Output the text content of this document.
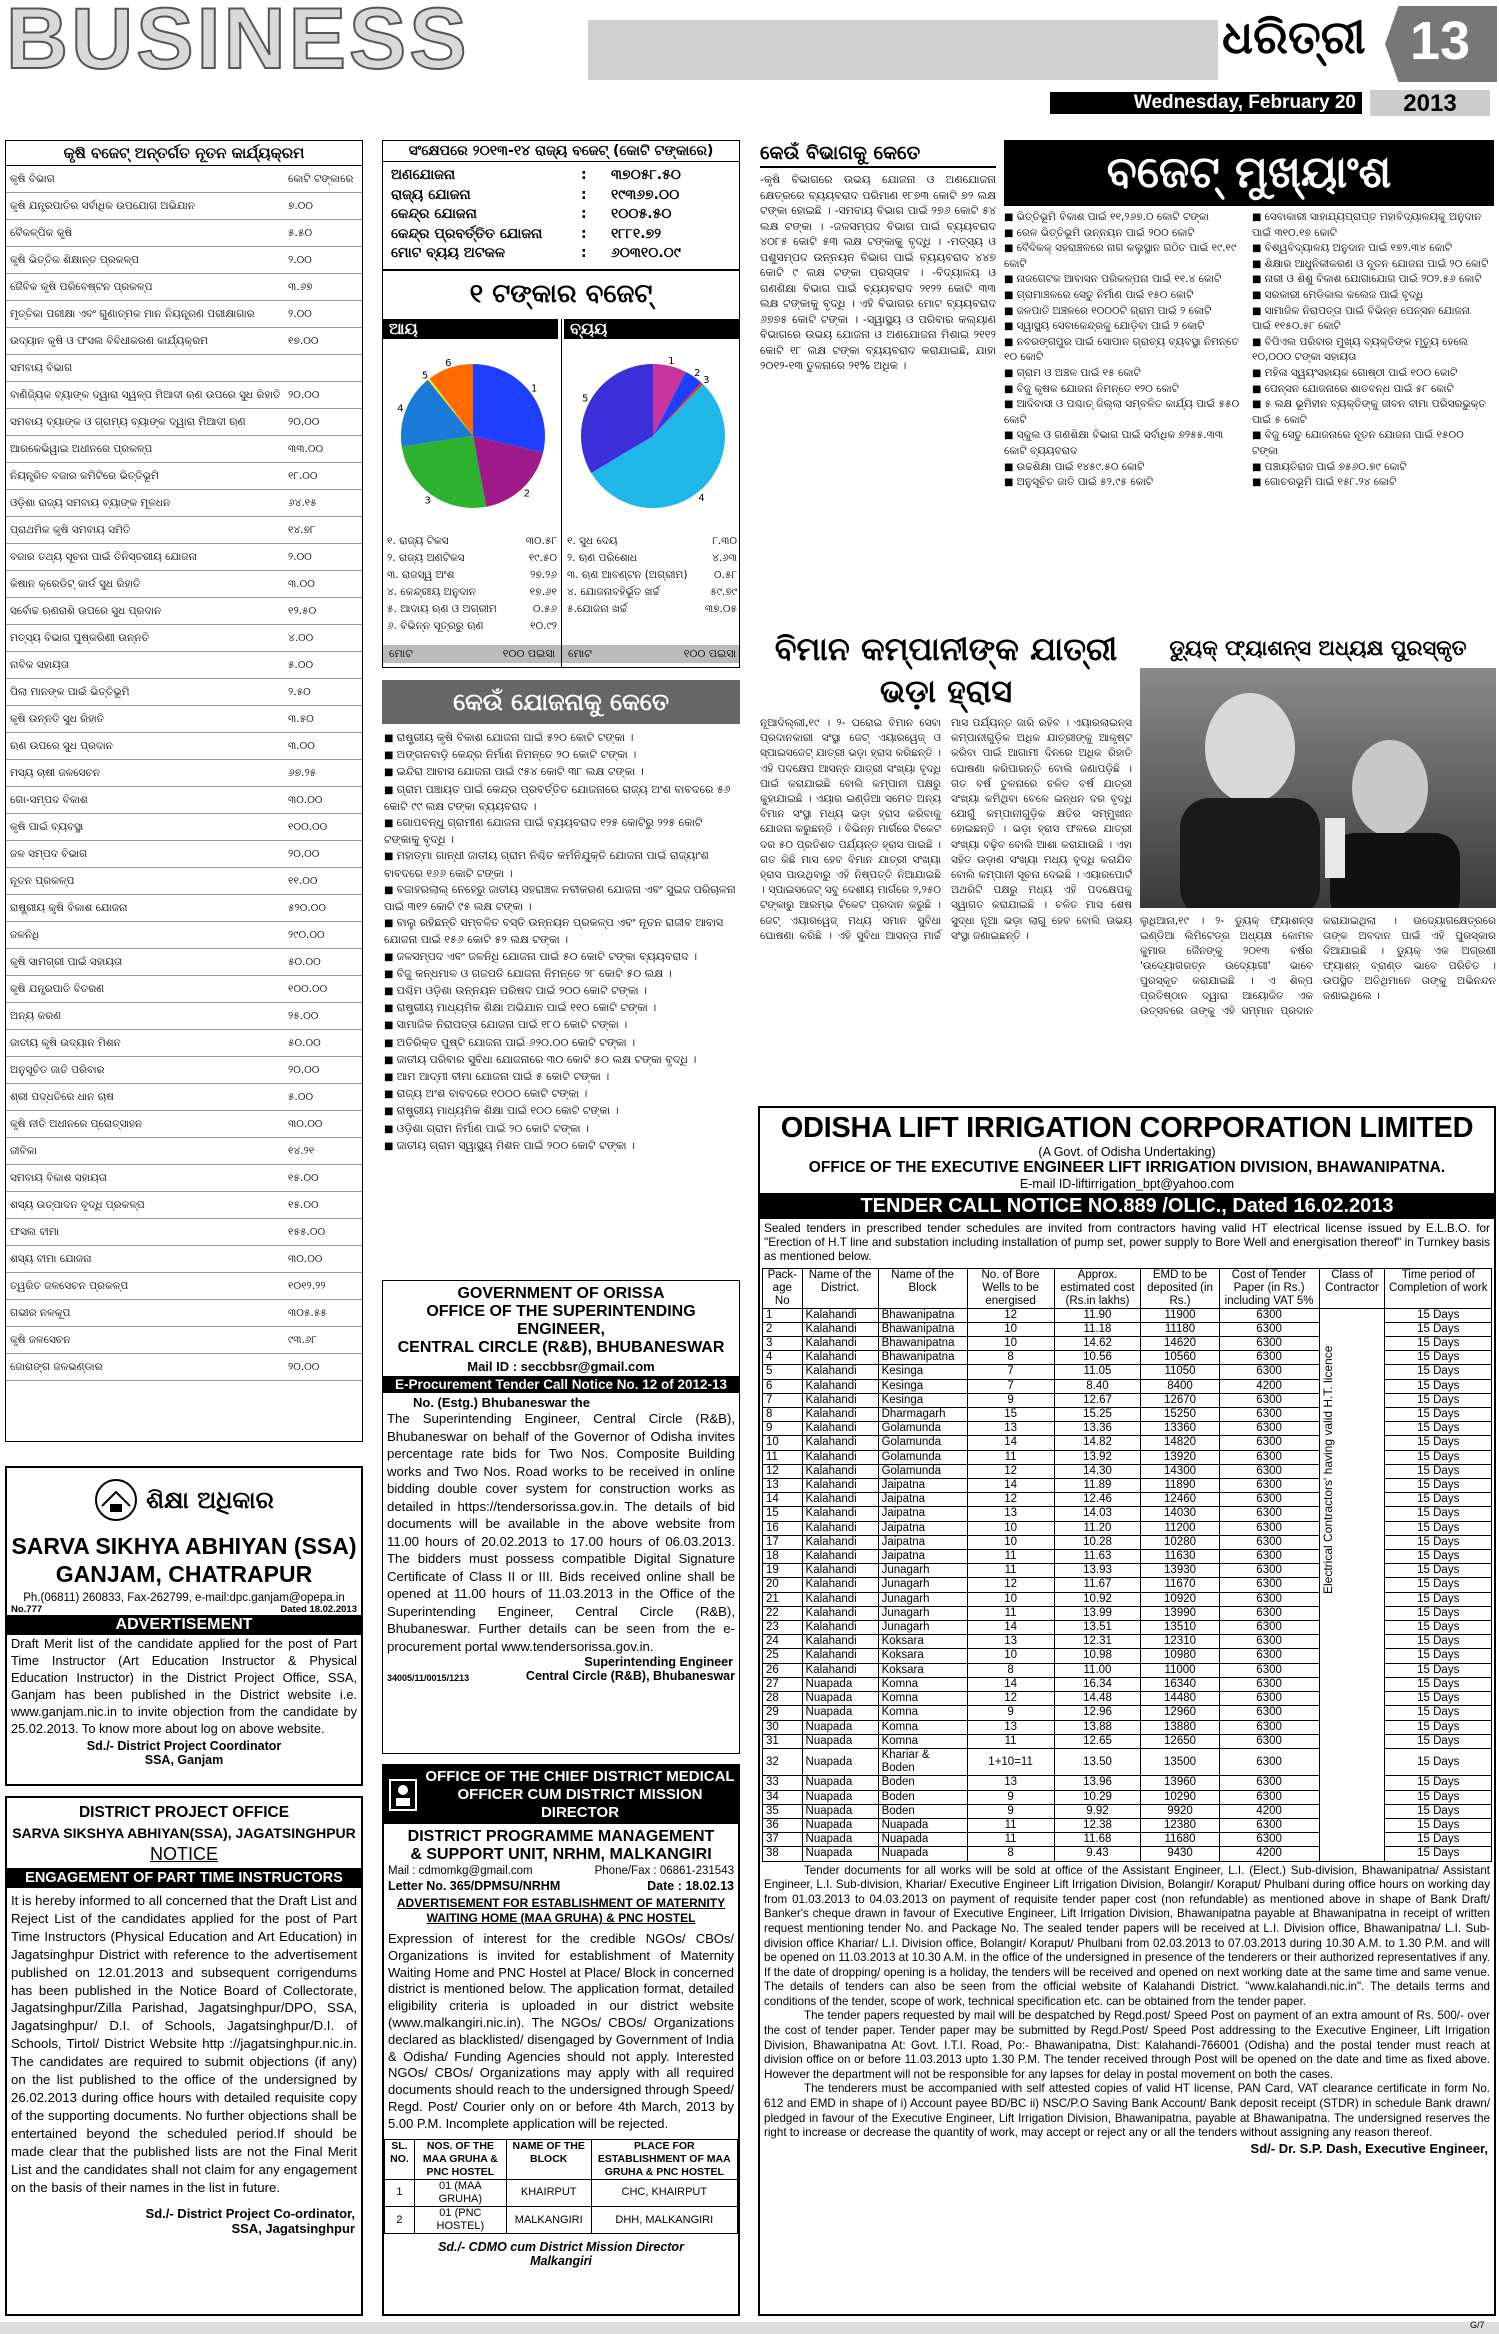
BUSINESS	ଧରିତ୍ରୀ 13
Wednesday, February 20	2013
କୃଷି ବଜେଟ୍ ଅନ୍ତର୍ଗତ ନୂତନ କାର୍ଯ୍ୟକ୍ରମ
କୃଷି ବିଭାଗ	କୋଟି ଟଙ୍କାରେ
କୃଷି ଯନ୍ତ୍ରପାତିର ସର୍ବାଧିକ ଉପଯୋଗ ଅଭିଯାନ	୭.୦୦
ବୈକଳ୍ପିକ କୃଷି	୫.୫୦
କୃଷି ଭିତ୍ତିକ ଶିକ୍ଷାନ୍ତ ପ୍ରକଳ୍ପ	୨.୦୦
ଜୈବିକ କୃଷି ପରିବେଷ୍ଟନ ପ୍ରକଳ୍ପ	୩.୬୭
ମୃତ୍ତିକା ପରୀକ୍ଷା ଏବଂ ଗୁଣାତ୍ମକ ମାନ ନିୟନ୍ତ୍ରଣ ପରୀକ୍ଷାଗାର	୨.୦୦
ଉଦ୍ୟାନ କୃଷି ଓ ଫସଲ ବିବିଧୀକରଣ କାର୍ଯ୍ୟକ୍ରମ	୧୭.୦୦
ସମବାୟ ବିଭାଗ
ବାଣିଜ୍ୟିକ ବ୍ୟାଙ୍କ ଦ୍ୱାରା ସ୍ୱଳ୍ପ ମିଆଦୀ ଋଣ ଉପରେ ସୁଧ ରିହାତି ୨୦.୦୦
ସମବାୟ ବ୍ୟାଙ୍କ ଓ ଗ୍ରାମ୍ୟ ବ୍ୟାଙ୍କ ଦ୍ୱାରା ମିଆଦୀ ଋଣ	୨୦.୦୦
ଆରକେଭିୱାଇ ଅଧୀନରେ ପ୍ରକଳ୍ପ	୩୩.୦୦
ନିୟନ୍ତ୍ରିତ ବଜାର କମିଟିରେ ଭିତ୍ତିଭୂମି	୧୮.୦୦
ଓଡ଼ିଶା ରାଜ୍ୟ ସମବାୟ ବ୍ୟାଙ୍କ ମୂଳଧନ	୬୪.୧୫
ପ୍ରାଥମିକ କୃଷି ସମବାୟ ସମିତି	୧୪.୭୮
ବଜାର ତଥ୍ୟ ସୂଚନା ପାଇଁ ତିନିସ୍ତରୀୟ ଯୋଜନା	୨.୦୦
କିଷାନ କ୍ରେଡିଟ୍ କାର୍ଡ ସୁଧ ରିହାତି	୩.୦୦
ସର୍ବୋଚ୍ଚ ଋଣରାଶି ଉପରେ ସୁଧ ପ୍ରଦାନ	୧୨.୫୦
ମତ୍ସ୍ୟ ବିଭାଗ ପୁଷ୍କରିଣୀ ଉନ୍ନତି	୪.୦୦
ନାବିକ ସହାୟତା	୫.୦୦
ପିଲା ମାନଙ୍କ ପାଇଁ ଭିତ୍ତିଭୂମି	୨.୫୦
କୃଷି ଉନ୍ନତି ସୁଧ ରିହାତି	୩.୫୦
ଋଣ ଉପରେ ସୁଧ ପ୍ରଦାନ	୩.୦୦
ମସ୍ୟ ଚାଷୀ ଜଳସେଚନ	୬୭.୨୫
ଗୋ-ସମ୍ପଦ ବିକାଶ	୩୦.୦୦
କୃଷି ପାଇଁ ବ୍ୟବସ୍ଥା	୧୦୦.୦୦
ଜଳ ସମ୍ପଦ ବିଭାଗ	୨୦.୦୦
ନୂତନ ପ୍ରକଳ୍ପ	୧୧.୦୦
ରାଷ୍ଟ୍ରୀୟ କୃଷି ବିକାଶ ଯୋଜନା	୫୨୦.୦୦
ଜଳନିଧି	୨୯୦.୦୦
କୃଷି ସାମଗ୍ରୀ ପାଇଁ ସହାୟତା	୫୦.୦୦
କୃଷି ଯନ୍ତ୍ରପାତି ବିତରଣ	୧୦୦.୦୦
ଅନ୍ୟ କରଣ	୨୫.୦୦
ଜାତୀୟ କୃଷି ଉଦ୍ୟାନ ମିଶନ	୫୦.୦୦
ଅନୁସୂଚିତ ଜାତି ପରିବାର	୨୦.୦୦
ଶ୍ରୀ ପଦ୍ଧତିରେ ଧାନ ଚାଷ	୫.୦୦
କୃଷି ନୀତି ଅଧୀନରେ ପ୍ରୋତ୍ସାହନ	୩୦.୦୦
ଜୀବିକା	୧୪.୨୧
ସମବାୟ ବିକାଶ ସହାୟତା	୧୫.୦୦
ଶସ୍ୟ ଉତ୍ପାଦନ ବୃଦ୍ଧି ପ୍ରକଳ୍ପ	୧୫.୦୦
ଫସଲ ବୀମା	୧୫୫.୦୦
ଶସ୍ୟ ବୀମା ଯୋଜନା	୩୦.୦୦
ତ୍ୱରିତ ଜଳସେଚନ ପ୍ରକଳ୍ପ	୧୦୧୨.୨୨
ଗଭୀର ନଳକୂପ	୩୦୫.୫୫
କୃଷି ଜଳସେଚନ	୯୩.୬୮
ଜୋରାଙ୍ଗ ଜଳଭଣ୍ଡାର	୨୦.୦୦
ସଂକ୍ଷେପରେ ୨୦୧୩-୧୪ ରାଜ୍ୟ ବଜେଟ୍ (କୋଟି ଟଙ୍କାରେ)
ଅଣଯୋଜନା	:	୩୭୦୫୮.୫୦
ରାଜ୍ୟ ଯୋଜନା	:	୧୯୩୬୭.୦୦
କେନ୍ଦ୍ର ଯୋଜନା	:	୧୦୦୫.୫୦
କେନ୍ଦ୍ର ପ୍ରବର୍ତ୍ତିତ ଯୋଜନା	:	୧୮୮୧.୭୨
ମୋଟ ବ୍ୟୟ ଅଟକଳ	:	୬୦୩୧୦.୦୯
୧ ଟଙ୍କାର ବଜେଟ୍
ଆୟ	ବ୍ୟୟ
1
2
3
4
5
6	1
2
3
4
5
୧. ରାଜ୍ୟ ଟିକସ	୩୦.୫୮
୨. ରାଜ୍ୟ ଅଣଟିକସ	୧୯.୫୦
୩. ରାଜସ୍ୱ ଅଂଶ	୨୭.୨୬
୪. କେନ୍ଦ୍ରୀୟ ଅନୁଦାନ	୧୭.୬୧
୫. ଆଦାୟ ଋଣ ଓ ଅଗ୍ରୀମ	୦.୫୬
୬. ବିଭିନ୍ନ ସୂତ୍ରରୁ ଋଣ	୧୦.୯୨
୧. ସୁଧ ଦେୟ	୮.୩୦
୨. ଋଣ ପରିଶୋଧ	୪.୬୩
୩. ଋଣ ଆବଣ୍ଟନ (ଅଗ୍ରୀମ)	୦.୫୮
୪. ଯୋଜନାବହିର୍ଭୂତ ଖର୍ଚ୍ଚ	୫୯.୭୯
୫.ଯୋଜନା ଖର୍ଚ୍ଚ	୩୭.୦୫
ମୋଟ	୧୦୦ ପଇସା ମୋଟ	୧୦୦ ପଇସା
କେଉଁ ଯୋଜନାକୁ କେତେ
■ ରାଷ୍ଟ୍ରୀୟ କୃଷି ବିକାଶ ଯୋଜନା ପାଇଁ ୫୨୦ କୋଟି ଟଙ୍କା ।
■ ଅଙ୍ଗନବାଡ଼ି କେନ୍ଦ୍ର ନିର୍ମାଣ ନିମନ୍ତେ ୨୦ କୋଟି ଟଙ୍କା ।
■ ଇନ୍ଦିରା ଆବାସ ଯୋଜନା ପାଇଁ ୯୫୪ କୋଟି ୩୮ ଲକ୍ଷ ଟଙ୍କା ।
■ ଗ୍ରାମ ପଞ୍ଚାୟତ ପାଇଁ କେନ୍ଦ୍ର ପ୍ରବର୍ତ୍ତିତ ଯୋଜନାରେ ରାଜ୍ୟ ଅଂଶ ବାବଦରେ ୫୬ କୋଟି ୯୯ ଲକ୍ଷ ଟଙ୍କା ବ୍ୟୟବରାଦ ।
■ ଗୋପବନ୍ଧୁ ଗ୍ରାମୀଣ ଯୋଜନା ପାଇଁ ବ୍ୟୟବରାଦ ୧୨୫ କୋଟିରୁ ୨୨୫ କୋଟି ଟଙ୍କାକୁ ବୃଦ୍ଧି ।
■ ମହାତ୍ମା ଗାନ୍ଧୀ ଜାତୀୟ ଗ୍ରାମ ନିଶ୍ଚିତ କର୍ମନିଯୁକ୍ତି ଯୋଜନା ପାଇଁ ରାଜ୍ୟାଂଶ ବାବଦରେ ୧୬୬ କୋଟି ଟଙ୍କା ।
■ ବଜାହରଲାଲ୍ ନେହେରୁ ଜାତୀୟ ସହରାଞ୍ଚଳ ନବୀକରଣ ଯୋଜନା ଏବଂ ସୁଇଜ ପରିଚାଳନା ପାଇଁ ୩୧୨ କୋଟି ୯୫ ଲକ୍ଷ ଟଙ୍କା ।
■ ବାଲୁ ରହିଛନ୍ତି ସମ୍ବଳିତ ବସ୍ତି ଉନ୍ନୟନ ପ୍ରକଳ୍ପ ଏବଂ ନୂତନ ରାଜୀବ ଆବାସ ଯୋଜନା ପାଇଁ ୧୫୬ କୋଟି ୫୨ ଲକ୍ଷ ଟଙ୍କା ।
■ ଜଳସମ୍ପଦ ଏବଂ ଜଳନିଧି ଯୋଜନା ପାଇଁ ୫୦ କୋଟି ଟଙ୍କା ବ୍ୟୟବରାଦ ।
■ ବିଜୁ କନ୍ଧମାଳ ଓ ଗଜପତି ଯୋଜନା ନିମନ୍ତେ ୨୮ କୋଟି ୫୦ ଲକ୍ଷ ।
■ ପଶ୍ଚିମ ଓଡ଼ିଶା ଉନ୍ନୟନ ପରିଷଦ ପାଇଁ ୨୦୦ କୋଟି ଟଙ୍କା ।
■ ରାଷ୍ଟ୍ରୀୟ ମାଧ୍ୟମିକ ଶିକ୍ଷା ଅଭିଯାନ ପାଇଁ ୧୧୦ କୋଟି ଟଙ୍କା ।
■ ସାମାଜିକ ନିରାପତ୍ତା ଯୋଜନା ପାଇଁ ୧୮୦ କୋଟି ଟଙ୍କା ।
■ ଅତିରିକ୍ତ ପୁଷ୍ଟି ଯୋଜନା ପାଇଁ ୬୨୦.୦୦ କୋଟି ଟଙ୍କା ।
■ ଜାତୀୟ ପରିବାର ସୁବିଧା ଯୋଜନାରେ ୩୦ କୋଟି ୫୦ ଲକ୍ଷ ଟଙ୍କା ବୃଦ୍ଧି ।
■ ଆମ ଆଦ୍ମୀ ବୀମା ଯୋଜନା ପାଇଁ ୫ କୋଟି ଟଙ୍କା ।
■ ରାଜ୍ୟ ଅଂଶ ବାବଦରେ ୧୦୦୦ କୋଟି ଟଙ୍କା ।
■ ରାଷ୍ଟ୍ରୀୟ ମାଧ୍ୟମିକ ଶିକ୍ଷା ପାଇଁ ୧୦୦ କୋଟି ଟଙ୍କା ।
■ ଓଡ଼ିଶା ଗ୍ରାମ ନିର୍ମାଣ ପାଇଁ ୨୦ କୋଟି ଟଙ୍କା ।
■ ଜାତୀୟ ଗ୍ରାମ ସ୍ୱାସ୍ଥ୍ୟ ମିଶନ ପାଇଁ ୨୦୦ କୋଟି ଟଙ୍କା ।
କେଉଁ ବିଭାଗକୁ କେତେ
-କୃଷି ବିଭାଗରେ ଉଭୟ ଯୋଜନା ଓ ଅଣଯୋଜନା କ୍ଷେତ୍ରରେ ବ୍ୟୟବରାଦ ପରିମାଣ ୧୮୭୩ କୋଟି ୭୨ ଲକ୍ଷ ଟଙ୍କା ହୋଇଛି । -ସମବାୟ ବିଭାଗ ପାଇଁ ୨୭୬ କୋଟି ୫୪ ଲକ୍ଷ ଟଙ୍କା । -ଜଳସମ୍ପଦ ବିଭାଗ ପାଇଁ ବ୍ୟୟବରାଦ ୪୦୮୫ କୋଟି ୫୩ ଲକ୍ଷ ଟଙ୍କାକୁ ବୃଦ୍ଧି । -ମତ୍ସ୍ୟ ଓ ପଶୁସମ୍ପଦ ଉନ୍ନୟନ ବିଭାଗ ପାଇଁ ବ୍ୟୟବରାଦ ୪୪୭ କୋଟି ୯ ଲକ୍ଷ ଟଙ୍କା ପ୍ରସ୍ତାବ । -ବିଦ୍ୟାଳୟ ଓ ଗଣଶିକ୍ଷା ବିଭାଗ ପାଇଁ ବ୍ୟୟବରାଦ ୨୧୨୨ କୋଟି ୩୩ ଲକ୍ଷ ଟଙ୍କାକୁ ବୃଦ୍ଧି । ଏହି ବିଭାଗର ମୋଟ ବ୍ୟୟବରାଦ ୬୭୭୫ କୋଟି ଟଙ୍କା । -ସ୍ୱାସ୍ଥ୍ୟ ଓ ପରିବାର କଲ୍ୟାଣ ବିଭାଗରେ ଉଭୟ ଯୋଜନା ଓ ଅଣଯୋଜନା ମିଶାଇ ୨୧୧୨ କୋଟି ୧୮ ଲକ୍ଷ ଟଙ୍କା ବ୍ୟୟବରାଦ କରାଯାଇଛି, ଯାହା ୨୦୧୨-୧୩ ତୁଳନାରେ ୨୧% ଅଧିକ ।
ବଜେଟ୍ ମୁଖ୍ୟାଂଶ
■ ଭିତ୍ତିଭୂମି ବିକାଶ ପାଇଁ ୧୧,୨୬୭.୦ କୋଟି ଟଙ୍କା
■ ରେଳ ଭିତ୍ତିଭୂମି ଉନ୍ନୟନ ପାଇଁ ୨୦୦ କୋଟି
■ ବୈଦିକକ୍ ସହରାଞ୍ଚଳରେ ନାଗ କଲୁସ୍ଥାନ ଗଠିତ ପାଇଁ ୧୯.୧୯ କୋଟି
■ ନାଜଗେଟକ ଆବାସନ ପରିକଳ୍ପନା ପାଇଁ ୧୧.୪ କୋଟି
■ ଗ୍ରାମାଞ୍ଚଳରେ ସେତୁ ନିର୍ମାଣ ପାଇଁ ୧୫୦ କୋଟି
■ ଜଳପାତି ଅଞ୍ଚଳରେ ୧୦୦୦ଟି ଗ୍ରାମ ପାଇଁ ୨ କୋଟି
■ ସ୍ୱାସ୍ଥ୍ୟ ସେବାକେନ୍ଦ୍ରକୁ ଯୋଡ଼ିବା ପାଇଁ ୨ କୋଟି
■ ନବରଙ୍ଗପୁର ପାଇଁ ସୋପାନ ଗ୍ରାଚ୍ୟ ବ୍ୟବସ୍ଥା ନିମନ୍ତେ ୧୦ କୋଟି
■ ଗ୍ରାମ ଓ ଅଞ୍ଚଳ ପାଇଁ ୧୫ କୋଟି
■ ବିଜୁ କୃଷକ ଯୋଜନା ନିମନ୍ତେ ୧୨୦ କୋଟି
■ ଆଦିବାସୀ ଓ ପଶ୍ଚାତ୍ ଜିଲ୍ଲା ସମ୍ବଳିତ କାର୍ଯ୍ୟ ପାଇଁ ୫୫୦ କୋଟି
■ ସ୍କୁଲ ଓ ଗଣଶିକ୍ଷା ବିଭାଗ ପାଇଁ ସର୍ବାଧିକ ୭୨୫୫.୩୩ କୋଟି ବ୍ୟୟବରାଦ
■ ଉଚ୍ଚଶିକ୍ଷା ପାଇଁ ୧୪୫୯.୫୦ କୋଟି
■ ଅନୁସୂଚିତ ଜାତି ପାଇଁ ୫୨.୯୫ କୋଟି
■ ସେବାକାରୀ ସାହାଯ୍ୟପ୍ରାପ୍ତ ମହାବିଦ୍ୟାଳୟକୁ ଅନୁଦାନ ପାଇଁ ୩୧୦.୧୭ କୋଟି
■ ବିଶ୍ୱବିଦ୍ୟାଳୟ ଅନୁଦାନ ପାଇଁ ୧୭୨.୩୪ କୋଟି
■ ଶିକ୍ଷାର ଆଧୁନିକୀକରଣ ଓ ନୂତନ ଯୋଜନା ପାଇଁ ୨୦ କୋଟି
■ ନାରୀ ଓ ଶିଶୁ ବିକାଶ ଯୋଗାଯୋଗ ପାଇଁ ୨୦୨.୫୬ କୋଟି
■ ସରକାରୀ ମେଡିକାଲ କଲେଜ ପାଇଁ ବୃଦ୍ଧି
■ ସାମାଜିକ ନିରାପତ୍ତା ପାଇଁ ବିଭିନ୍ନ ପେନ୍ସନ ଯୋଜନା ପାଇଁ ୧୧୫୦.୫୮ କୋଟି
■ ବିପିଏଲ ପରିବାର ମୁଖ୍ୟ ବ୍ୟକ୍ତିଙ୍କ ମୃତ୍ୟୁ ହେଲେ ୧୦,୦୦୦ ଟଙ୍କା ସହାୟତା
■ ମହିଳା ସ୍ୱୟଂସହାୟକ ଗୋଷ୍ଠୀ ପାଇଁ ୧୦୦ କୋଟି
■ ପେନ୍ସନ ଯୋଜନାରେ ଶାତବନ୍ଧ ପାଇଁ ୫୮ କୋଟି
■ ୫ ଲକ୍ଷ ଭୂମିହୀନ ବ୍ୟକ୍ତିଙ୍କୁ ଜୀବନ ବୀମା ପରିସରଭୁକ୍ତ ପାଇଁ ୫ କୋଟି
■ ବିଜୁ ସେତୁ ଯୋଜନାରେ ନୂତନ ଯୋଜନା ପାଇଁ ୧୫୦୦ ଟଙ୍କା
■ ପଞ୍ଚାୟତିରାଜ ପାଇଁ ୭୫୬୦.୭୯ କୋଟି
■ ଗୋଚରଭୂମି ପାଇଁ ୧୫୮.୨୪ କୋଟି
ବିମାନ କମ୍ପାନୀଙ୍କ ଯାତ୍ରୀ ଭଡ଼ା ହ୍ରାସ
ନୂଆଦିଲ୍ଲୀ,୧୯ । ୨- ଘରୋଇ ବିମାନ ସେବା ପ୍ରଦାନକାରୀ ସଂସ୍ଥା ଜେଟ୍ ଏୟାରୱେଜ୍ ଓ ସ୍ପାଇସଜେଟ୍ ଯାତ୍ରୀ ଭଡ଼ା ହ୍ରାସ କରିଛନ୍ତି । ଏହି ପଦକ୍ଷେପ ଆସନ୍ନ ଯାତ୍ରୀ ସଂଖ୍ୟା ବୃଦ୍ଧି ପାଇଁ କରାଯାଇଛି ବୋଲି କମ୍ପାନୀ ପକ୍ଷରୁ କୁହାଯାଇଛି । ଏୟାର ଇଣ୍ଡିଆ ସମେତ ଅନ୍ୟ ବିମାନ ସଂସ୍ଥା ମଧ୍ୟ ଭଡ଼ା ହ୍ରାସ କରିବାକୁ ଯୋଜନା କରୁଛନ୍ତି । ବିଭିନ୍ନ ମାର୍ଗରେ ଟିକେଟ ଦର ୫୦ ପ୍ରତିଶତ ପର୍ଯ୍ୟନ୍ତ ହ୍ରାସ ପାଇଛି । ଗତ କିଛି ମାସ ହେବ ବିମାନ ଯାତ୍ରୀ ସଂଖ୍ୟା ହ୍ରାସ ପାଉଥିବାରୁ ଏହି ନିଷ୍ପତ୍ତି ନିଆଯାଇଛି । ସ୍ପାଇସଜେଟ୍ ସବୁ ଦେଶୀୟ ମାର୍ଗରେ ୨,୨୫୦ ଟଙ୍କାରୁ ଆରମ୍ଭ ଟିକେଟ ପ୍ରଦାନ କରୁଛି । ଜେଟ୍ ଏୟାରୱେଜ୍ ମଧ୍ୟ ସମାନ ସୁବିଧା ଘୋଷଣା କରିଛି । ଏହି ସୁବିଧା ଆସନ୍ତା ମାର୍ଚ୍ଚ ମାସ ପର୍ଯ୍ୟନ୍ତ ଜାରି ରହିବ । ଏୟାରଲାଇନ୍ସ କମ୍ପାନୀଗୁଡ଼ିକ ଅଧିକ ଯାତ୍ରୀଙ୍କୁ ଆକୃଷ୍ଟ କରିବା ପାଇଁ ଆଗାମୀ ଦିନରେ ଅଧିକ ରିହାତି ଘୋଷଣା କରିପାରନ୍ତି ବୋଲି ଜଣାପଡ଼ିଛି । ଗତ ବର୍ଷ ତୁଳନାରେ ଚଳିତ ବର୍ଷ ଯାତ୍ରୀ ସଂଖ୍ୟା କମିଥିବା ବେଳେ ଇନ୍ଧନ ଦର ବୃଦ୍ଧି ଯୋଗୁଁ କମ୍ପାନୀଗୁଡ଼ିକ କ୍ଷତିର ସମ୍ମୁଖୀନ ହୋଇଛନ୍ତି । ଭଡ଼ା ହ୍ରାସ ଫଳରେ ଯାତ୍ରୀ ସଂଖ୍ୟା ବଢ଼ିବ ବୋଲି ଆଶା କରାଯାଉଛି । ଏହା ସହିତ ଉଡ଼ାଣ ସଂଖ୍ୟା ମଧ୍ୟ ବୃଦ୍ଧି କରାଯିବ ବୋଲି କମ୍ପାନୀ ସୂଚନା ଦେଇଛି । ଏୟାରପୋର୍ଟ ଅଥରିଟି ପକ୍ଷରୁ ମଧ୍ୟ ଏହି ପଦକ୍ଷେପକୁ ସ୍ୱାଗତ କରାଯାଇଛି । ଚଳିତ ମାସ ଶେଷ ସୁଦ୍ଧା ନୂଆ ଭଡ଼ା ଲାଗୁ ହେବ ବୋଲି ଉଭୟ ସଂସ୍ଥା ଜଣାଇଛନ୍ତି ।
ଡ୍ୟୁକ୍ ଫ୍ୟାଶନ୍ସ ଅଧ୍ୟକ୍ଷ ପୁରସ୍କୃତ
ଲୁଧିଆନା,୧୯ । ୨- ଡ୍ୟୁକ୍ ଫ୍ୟାଶନ୍ସ ଇଣ୍ଡିଆ ଲିମିଟେଡ୍‌ର ଅଧ୍ୟକ୍ଷ କୋମଳ କୁମାର ଜୈନଙ୍କୁ ୨୦୧୩ ବର୍ଷର 'ଉଦ୍ୟୋଗରତ୍ନ ଉଦ୍ୟୋଗୀ' ଭାବେ ପୁରସ୍କୃତ କରାଯାଇଛି । ଏ ଶିଳ୍ପ ପ୍ରତିଷ୍ଠାନ ଦ୍ୱାରା ଆୟୋଜିତ ଏକ ଉତ୍ସବରେ ତାଙ୍କୁ ଏହି ସମ୍ମାନ ପ୍ରଦାନ କରାଯାଇଥିଲା । ଉଦ୍ୟୋଗକ୍ଷେତ୍ରରେ ତାଙ୍କ ଅବଦାନ ପାଇଁ ଏହି ପୁରସ୍କାର ଦିଆଯାଇଛି । ଡ୍ୟୁକ୍ ଏକ ଅଗ୍ରଣୀ ଫ୍ୟାଶନ୍ ବ୍ରାଣ୍ଡ ଭାବେ ପରିଚିତ । ଉପସ୍ଥିତ ଅତିଥିମାନେ ତାଙ୍କୁ ଅଭିନନ୍ଦନ ଜଣାଇଥିଲେ ।
GOVERNMENT OF ORISSA
OFFICE OF THE SUPERINTENDING ENGINEER,
CENTRAL CIRCLE (R&B), BHUBANESWAR
Mail ID : seccbbsr@gmail.com
E-Procurement Tender Call Notice No. 12 of 2012-13
No. (Estg.) Bhubaneswar the
The Superintending Engineer, Central Circle (R&B), Bhubaneswar on behalf of the Governor of Odisha invites percentage rate bids for Two Nos. Composite Building works and Two Nos. Road works to be received in online bidding double cover system for construction works as detailed in https://tendersorissa.gov.in. The details of bid documents will be available in the above website from 11.00 hours of 20.02.2013 to 17.00 hours of 06.03.2013. The bidders must possess compatible Digital Signature Certificate of Class II or III. Bids received online shall be opened at 11.00 hours of 11.03.2013 in the Office of the Superintending Engineer, Central Circle (R&B), Bhubaneswar. Further details can be seen from the e-procurement portal www.tendersorissa.gov.in.
Superintending Engineer
34005/11/0015/1213	Central Circle (R&B), Bhubaneswar
ଶିକ୍ଷା ଅଧିକାର
SARVA SIKHYA ABHIYAN (SSA)
GANJAM, CHATRAPUR
Ph.(06811) 260833, Fax-262799, e-mail:dpc.ganjam@opepa.in
No.777	Dated 18.02.2013
ADVERTISEMENT
Draft Merit list of the candidate applied for the post of Part Time Instructor (Art Education Instructor & Physical Education Instructor) in the District Project Office, SSA, Ganjam has been published in the District website i.e. www.ganjam.nic.in to invite objection from the candidate by 25.02.2013. To know more about log on above website.
Sd./- District Project Coordinator
SSA, Ganjam
DISTRICT PROJECT OFFICE
SARVA SIKSHYA ABHIYAN(SSA), JAGATSINGHPUR
NOTICE
ENGAGEMENT OF PART TIME INSTRUCTORS
It is hereby informed to all concerned that the Draft List and Reject List of the candidates applied for the post of Part Time Instructors (Physical Education and Art Education) in Jagatsinghpur District with reference to the advertisement published on 12.01.2013 and subsequent corrigendums has been published in the Notice Board of Collectorate, Jagatsinghpur/Zilla Parishad, Jagatsinghpur/DPO, SSA, Jagatsinghpur/ D.I. of Schools, Jagatsinghpur/D.I. of Schools, Tirtol/ District Website http ://jagatsinghpur.nic.in. The candidates are required to submit objections (if any) on the list published to the office of the undersigned by 26.02.2013 during office hours with detailed requisite copy of the supporting documents. No further objections shall be entertained beyond the scheduled period.If should be made clear that the published lists are not the Final Merit List and the candidates shall not claim for any engagement on the basis of their names in the list in future.
Sd./- District Project Co-ordinator,
SSA, Jagatsinghpur
OFFICE OF THE CHIEF DISTRICT MEDICAL OFFICER CUM DISTRICT MISSION DIRECTOR
DISTRICT PROGRAMME MANAGEMENT
& SUPPORT UNIT, NRHM, MALKANGIRI
Mail : cdmomkg@gmail.com	Phone/Fax : 06861-231543
Letter No. 365/DPMSU/NRHM	Date : 18.02.13
ADVERTISEMENT FOR ESTABLISHMENT OF MATERNITY WAITING HOME (MAA GRUHA) & PNC HOSTEL
Expression of interest for the credible NGOs/ CBOs/ Organizations is invited for establishment of Maternity Waiting Home and PNC Hostel at Place/ Block in concerned district is mentioned below. The application format, detailed eligibility criteria is uploaded in our district website (www.malkangiri.nic.in). The NGOs/ CBOs/ Organizations declared as blacklisted/ disengaged by Government of India & Odisha/ Funding Agencies should not apply. Interested NGOs/ CBOs/ Organizations may apply with all required documents should reach to the undersigned through Speed/ Regd. Post/ Courier only on or before 4th March, 2013 by 5.00 P.M. Incomplete application will be rejected.
SL. NO.	NOS. OF THE MAA GRUHA & PNC HOSTEL	NAME OF THE BLOCK	PLACE FOR ESTABLISHMENT OF MAA GRUHA & PNC HOSTEL
1	01 (MAA GRUHA)	KHAIRPUT	CHC, KHAIRPUT
2	01 (PNC HOSTEL)	MALKANGIRI	DHH, MALKANGIRI
Sd./- CDMO cum District Mission Director
Malkangiri
ODISHA LIFT IRRIGATION CORPORATION LIMITED
(A Govt. of Odisha Undertaking)
OFFICE OF THE EXECUTIVE ENGINEER LIFT IRRIGATION DIVISION, BHAWANIPATNA.
E-mail ID-liftirrigation_bpt@yahoo.com
TENDER CALL NOTICE NO.889 /OLIC., Dated 16.02.2013
Sealed tenders in prescribed tender schedules are invited from contractors having valid HT electrical license issued by E.L.B.O. for "Erection of H.T line and substation including installation of pump set, power supply to Bore Well and energisation thereof" in Turnkey basis as mentioned below.
Pack-age No	Name of the District.	Name of the Block	No. of Bore Wells to be energised	Approx. estimated cost (Rs.in lakhs)	EMD to be deposited (in Rs.)	Cost of Tender Paper (in Rs.) including VAT 5%	Class of Contractor	Time period of Completion of work
1	Kalahandi	Bhawanipatna	12	11.90	11900	6300		15 Days
2	Kalahandi	Bhawanipatna	10	11.18	11180	6300		15 Days
3	Kalahandi	Bhawanipatna	10	14.62	14620	6300		15 Days
4	Kalahandi	Bhawanipatna	8	10.56	10560	6300		15 Days
5	Kalahandi	Kesinga	7	11.05	11050	6300		15 Days
6	Kalahandi	Kesinga	7	8.40	8400	4200		15 Days
7	Kalahandi	Kesinga	9	12.67	12670	6300		15 Days
8	Kalahandi	Dharmagarh	15	15.25	15250	6300		15 Days
9	Kalahandi	Golamunda	13	13.36	13360	6300		15 Days
10	Kalahandi	Golamunda	14	14.82	14820	6300		15 Days
11	Kalahandi	Golamunda	11	13.92	13920	6300		15 Days
12	Kalahandi	Golamunda	12	14.30	14300	6300		15 Days
13	Kalahandi	Jaipatna	14	11.89	11890	6300		15 Days
14	Kalahandi	Jaipatna	12	12.46	12460	6300		15 Days
15	Kalahandi	Jaipatna	13	14.03	14030	6300		15 Days
16	Kalahandi	Jaipatna	10	11.20	11200	6300		15 Days
17	Kalahandi	Jaipatna	10	10.28	10280	6300		15 Days
18	Kalahandi	Jaipatna	11	11.63	11630	6300		15 Days
19	Kalahandi	Junagarh	11	13.93	13930	6300		15 Days
20	Kalahandi	Junagarh	12	11.67	11670	6300		15 Days
21	Kalahandi	Junagarh	10	10.92	10920	6300		15 Days
22	Kalahandi	Junagarh	11	13.99	13990	6300		15 Days
23	Kalahandi	Junagarh	14	13.51	13510	6300		15 Days
24	Kalahandi	Koksara	13	12.31	12310	6300		15 Days
25	Kalahandi	Koksara	10	10.98	10980	6300		15 Days
26	Kalahandi	Koksara	8	11.00	11000	6300		15 Days
27	Nuapada	Komna	14	16.34	16340	6300		15 Days
28	Nuapada	Komna	12	14.48	14480	6300		15 Days
29	Nuapada	Komna	9	12.96	12960	6300		15 Days
30	Nuapada	Komna	13	13.88	13880	6300		15 Days
31	Nuapada	Komna	11	12.65	12650	6300		15 Days
32	Nuapada	Khariar & Boden	1+10=11	13.50	13500	6300		15 Days
33	Nuapada	Boden	13	13.96	13960	6300		15 Days
34	Nuapada	Boden	9	10.29	10290	6300		15 Days
35	Nuapada	Boden	9	9.92	9920	4200		15 Days
36	Nuapada	Nuapada	11	12.38	12380	6300		15 Days
37	Nuapada	Nuapada	11	11.68	11680	6300		15 Days
38	Nuapada	Nuapada	8	9.43	9430	4200		15 Days
Electrical Contractors' having valid H.T. licence
Tender documents for all works will be sold at office of the Assistant Engineer, L.I. (Elect.) Sub-division, Bhawanipatna/ Assistant Engineer, L.I. Sub-division, Khariar/ Executive Engineer Lift Irrigation Division, Bolangir/ Koraput/ Phulbani during office hours on working day from 01.03.2013 to 04.03.2013 on payment of requisite tender paper cost (non refundable) as mentioned above in shape of Bank Draft/ Banker's cheque drawn in favour of Executive Engineer, Lift Irrigation Division, Bhawanipatna payable at Bhawanipatna in receipt of written request mentioning tender No. and Package No. The sealed tender papers will be received at L.I. Division office, Bhawanipatna/ L.I. Sub-division office Khariar/ L.I. Division office, Bolangir/ Koraput/ Phulbani from 02.03.2013 to 07.03.2013 during 10.30 A.M. to 1.30 P.M. and will be opened on 11.03.2013 at 10.30 A.M. in the office of the undersigned in presence of the tenderers or their authorized representatives if any. If the date of dropping/ opening is a holiday, the tenders will be received and opened on next working date at the same time and same venue. The details of tenders can also be seen from the official website of Kalahandi District. "www.kalahandi.nic.in". The details terms and conditions of the tender, scope of work, technical specification etc. can be obtained from the tender paper.
The tender papers requested by mail will be despatched by Regd.post/ Speed Post on payment of an extra amount of Rs. 500/- over the cost of tender paper. Tender paper may be submitted by Regd.Post/ Speed Post addressing to the Executive Engineer, Lift Irrigation Division, Bhawanipatna At: Govt. I.T.I. Road, Po:- Bhawanipatna, Dist: Kalahandi-766001 (Odisha) and the postal tender must reach at division office on or before 11.03.2013 upto 1.30 P.M. The tender received through Post will be opened on the date and time as fixed above. However the department will not be responsible for any lapses for delay in postal movement on both the cases.
The tenderers must be accompanied with self attested copies of valid HT license, PAN Card, VAT clearance certificate in form No. 612 and EMD in shape of i) Account payee BD/BC ii) NSC/P.O Saving Bank Account/ Bank deposit receipt (STDR) in schedule Bank drawn/ pledged in favour of the Executive Engineer, Lift Irrigation Division, Bhawanipatna, payable at Bhawanipatna. The undersigned reserves the right to increase or decrease the quantity of work, may accept or reject any or all the tenders without assigning any reason thereof.
Sd/- Dr. S.P. Dash, Executive Engineer,
G/7
